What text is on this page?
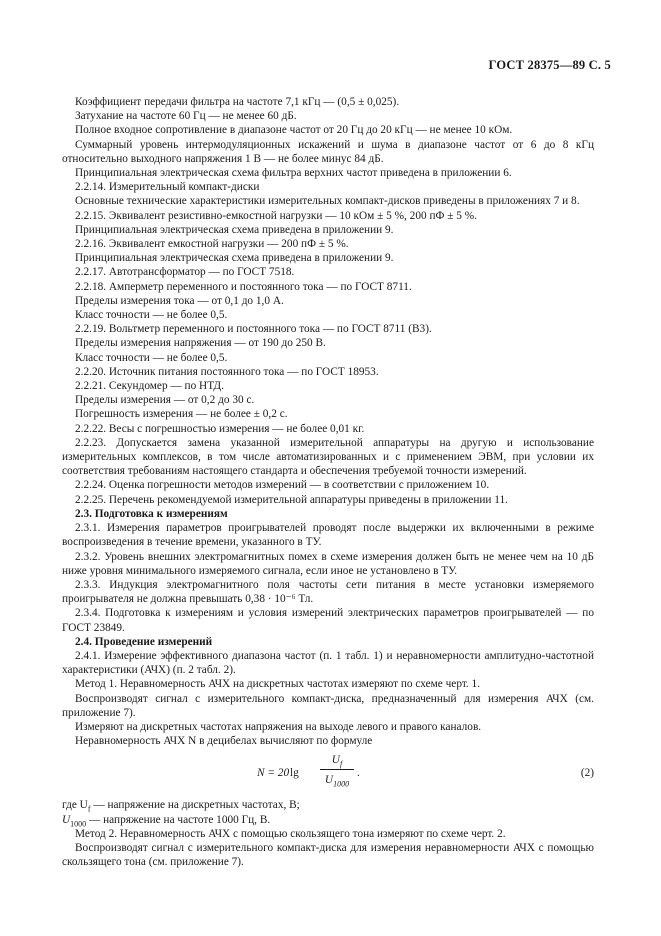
ГОСТ 28375—89 С. 5

Коэффициент передачи фильтра на частоте 7,1 кГц — (0,5 ± 0,025).

Затухание на частоте 60 Гц — не менее 60 дБ.

Полное входное сопротивление в диапазоне частот от 20 Гц до 20 кГц — не менее 10 кОм.

Суммарный уровень интермодуляционных искажений и шума в диапазоне частот от 6 до 8 кГц относительно выходного напряжения 1 В — не более минус 84 дБ.

Принципиальная электрическая схема фильтра верхних частот приведена в приложении 6.

2.2.14. Измерительный компакт-диски

Основные технические характеристики измерительных компакт-дисков приведены в приложениях 7 и 8.

2.2.15. Эквивалент резистивно-емкостной нагрузки — 10 кОм ± 5 %, 200 пФ ± 5 %.

Принципиальная электрическая схема приведена в приложении 9.

2.2.16. Эквивалент емкостной нагрузки — 200 пФ ± 5 %.

Принципиальная электрическая схема приведена в приложении 9.

2.2.17. Автотрансформатор — по ГОСТ 7518.

2.2.18. Амперметр переменного и постоянного тока — по ГОСТ 8711.

Пределы измерения тока — от 0,1 до 1,0 А.

Класс точности — не более 0,5.

2.2.19. Вольтметр переменного и постоянного тока — по ГОСТ 8711 (В3).

Пределы измерения напряжения — от 190 до 250 В.

Класс точности — не более 0,5.

2.2.20. Источник питания постоянного тока — по ГОСТ 18953.

2.2.21. Секундомер — по НТД.

Пределы измерения — от 0,2 до 30 с.

Погрешность измерения — не более ± 0,2 с.

2.2.22. Весы с погрешностью измерения — не более 0,01 кг.

2.2.23. Допускается замена указанной измерительной аппаратуры на другую и использование измерительных комплексов, в том числе автоматизированных и с применением ЭВМ, при условии их соответствия требованиям настоящего стандарта и обеспечения требуемой точности измерений.

2.2.24. Оценка погрешности методов измерений — в соответствии с приложением 10.

2.2.25. Перечень рекомендуемой измерительной аппаратуры приведены в приложении 11.

2.3. Подготовка к измерениям

2.3.1. Измерения параметров проигрывателей проводят после выдержки их включенными в режиме воспроизведения в течение времени, указанного в ТУ.

2.3.2. Уровень внешних электромагнитных помех в схеме измерения должен быть не менее чем на 10 дБ ниже уровня минимального измеряемого сигнала, если иное не установлено в ТУ.

2.3.3. Индукция электромагнитного поля частоты сети питания в месте установки измеряемого проигрывателя не должна превышать 0,38 · 10⁻⁶ Тл.

2.3.4. Подготовка к измерениям и условия измерений электрических параметров проигрывателей — по ГОСТ 23849.

2.4. Проведение измерений

2.4.1. Измерение эффективного диапазона частот (п. 1 табл. 1) и неравномерности амплитудно-частотной характеристики (АЧХ) (п. 2 табл. 2).

Метод 1. Неравномерность АЧХ на дискретных частотах измеряют по схеме черт. 1.

Воспроизводят сигнал с измерительного компакт-диска, предназначенный для измерения АЧХ (см. приложение 7).

Измеряют на дискретных частотах напряжения на выходе левого и правого каналов.

Неравномерность АЧХ N в децибелах вычисляют по формуле

N = 20 lg
$U_f$
$U_{1000}$
.	(2)

где $U_f$ — напряжение на дискретных частотах, В;

$U_{1000}$ — напряжение на частоте 1000 Гц, В.

Метод 2. Неравномерность АЧХ с помощью скользящего тона измеряют по схеме черт. 2.

Воспроизводят сигнал с измерительного компакт-диска для измерения неравномерности АЧХ с помощью скользящего тона (см. приложение 7).
